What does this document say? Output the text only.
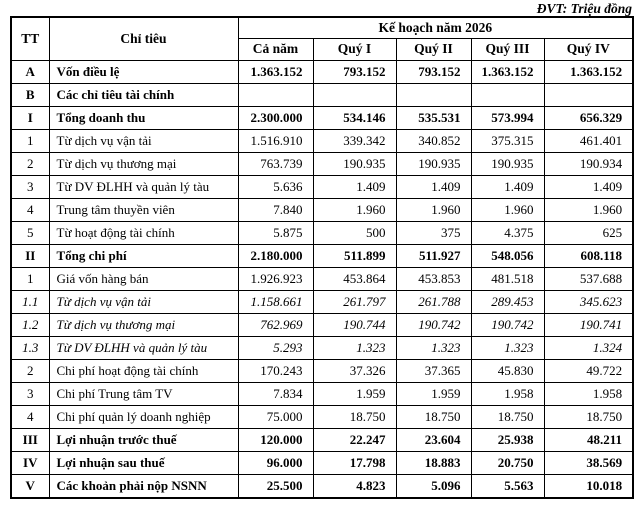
ĐVT: Triệu đồng
TT	Chỉ tiêu	Kế hoạch năm 2026				
		Cả năm	Quý I	Quý II	Quý III	Quý IV
A	Vốn điều lệ	1.363.152	793.152	793.152	1.363.152	1.363.152
B	Các chỉ tiêu tài chính					
I	Tổng doanh thu	2.300.000	534.146	535.531	573.994	656.329
1	Từ dịch vụ vận tải	1.516.910	339.342	340.852	375.315	461.401
2	Từ dịch vụ thương mại	763.739	190.935	190.935	190.935	190.934
3	Từ DV ĐLHH và quản lý tàu	5.636	1.409	1.409	1.409	1.409
4	Trung tâm thuyền viên	7.840	1.960	1.960	1.960	1.960
5	Từ hoạt động tài chính	5.875	500	375	4.375	625
II	Tổng chi phí	2.180.000	511.899	511.927	548.056	608.118
1	Giá vốn hàng bán	1.926.923	453.864	453.853	481.518	537.688
1.1	Từ dịch vụ vận tải	1.158.661	261.797	261.788	289.453	345.623
1.2	Từ dịch vụ thương mại	762.969	190.744	190.742	190.742	190.741
1.3	Từ DV ĐLHH và quản lý tàu	5.293	1.323	1.323	1.323	1.324
2	Chi phí hoạt động tài chính	170.243	37.326	37.365	45.830	49.722
3	Chi phí Trung tâm TV	7.834	1.959	1.959	1.958	1.958
4	Chi phí quản lý doanh nghiệp	75.000	18.750	18.750	18.750	18.750
III	Lợi nhuận trước thuế	120.000	22.247	23.604	25.938	48.211
IV	Lợi nhuận sau thuế	96.000	17.798	18.883	20.750	38.569
V	Các khoản phải nộp NSNN	25.500	4.823	5.096	5.563	10.018
